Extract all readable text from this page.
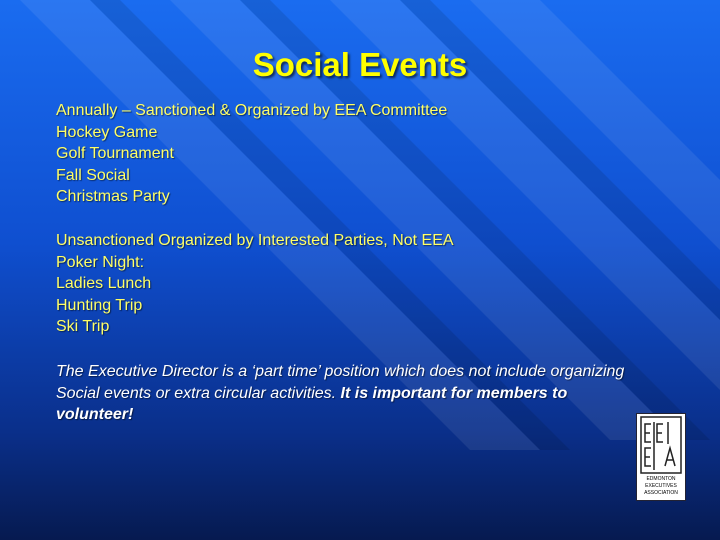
Social Events
Annually – Sanctioned & Organized by EEA Committee
Hockey Game
Golf Tournament
Fall Social
Christmas Party
Unsanctioned Organized by Interested Parties, Not EEA
Poker Night:
Ladies Lunch
Hunting Trip
Ski Trip

The Executive Director is a ‘part time’ position which does not include organizing Social events or extra circular activities. It is important for members to volunteer!

EDMONTON
EXECUTIVES
ASSOCIATION
